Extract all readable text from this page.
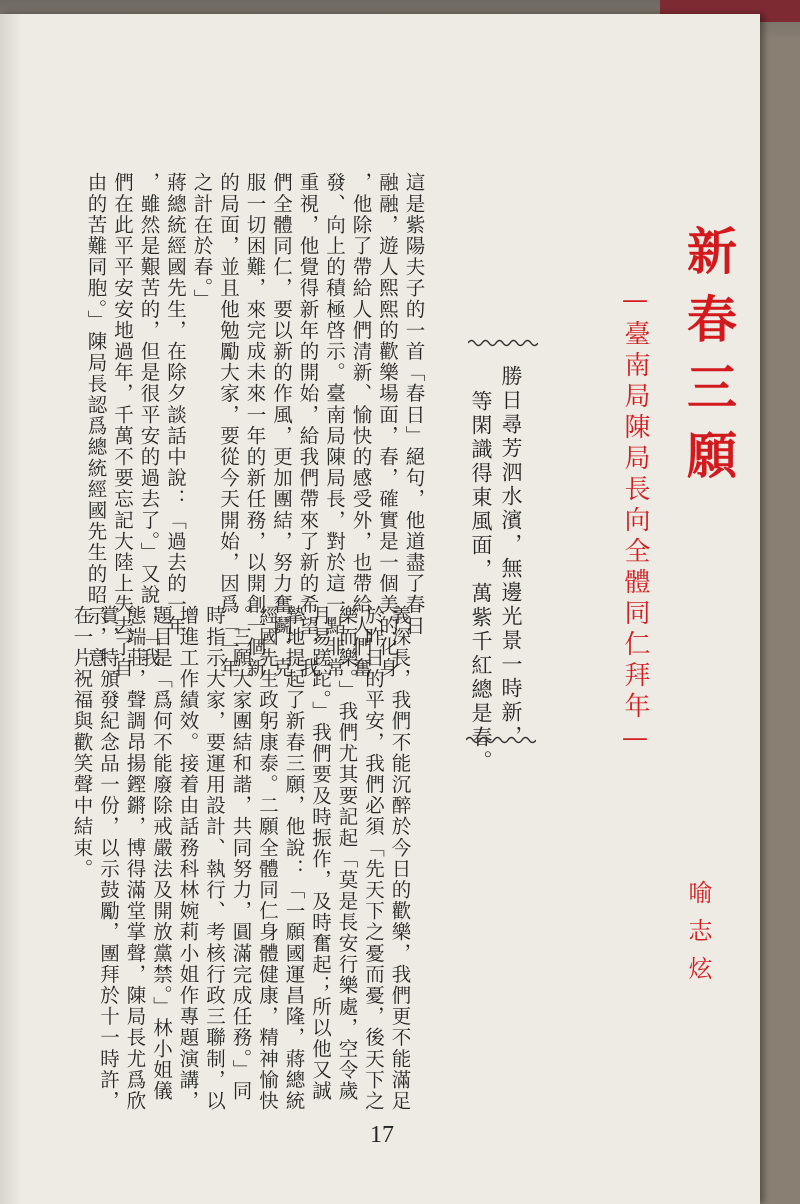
新春三願
—臺南局陳局長向全體同仁拜年—
勝日尋芳泗水濱，無邊光景一時新，
等閑識得東風面，萬紫千紅總是春。
這是紫陽夫子的一首「春日」絕句，他道盡了春日
融融，遊人熙熙的歡樂場面，春，確實是一個美的化身
，他除了帶給人們清新、愉快的感受外，也帶給人們奮
發、向上的積極啓示。臺南局陳局長，對於這一點非常
重視，他覺得新年的開始，給我們帶來了新的希望，我
們全體同仁，要以新的作風，更加團結，努力奮鬬，克
服一切困難，來完成未來一年的新任務，以開創一個新
的局面，並且他勉勵大家，要從今天開始，因爲「一年
之計在於春。」
蔣總統經國先生，在除夕談話中說：「過去的一年
，雖然是艱苦的，但是很平安的過去了。」又說：「我
們在此平平安安地過年，千萬不要忘記大陸上失去了自
由的苦難同胞。」陳局長認爲總統經國先生的昭示，意
義深長，我們不能沉醉於今日的歡樂，我們更不能滿足
於昨日的平安，我們必須「先天下之憂而憂，後天下之
樂而樂。」我們尤其要記起「莫是長安行樂處，空令歲
月易蹉跎。」我們要及時振作，及時奮起；所以他又誠
摯地提起了新春三願，他說：「一願國運昌隆，蔣總統
經國先生政躬康泰。二願全體同仁身體健康，精神愉快
。三願大家團結和諧，共同努力，圓滿完成任務。」同
時指示大家，要運用設計、執行、考核行政三聯制，以
增進工作績效。接着由話務科林婉莉小姐作專題演講，
題目是「爲何不能廢除戒嚴法及開放黨禁。」林小姐儀
態端莊，聲調昂揚鏗鏘，博得滿堂掌聲，陳局長尤爲欣
賞，特頒發紀念品一份，以示鼓勵，團拜於十一時許，
在一片祝福與歡笑聲中結束。
喻志炫
17
